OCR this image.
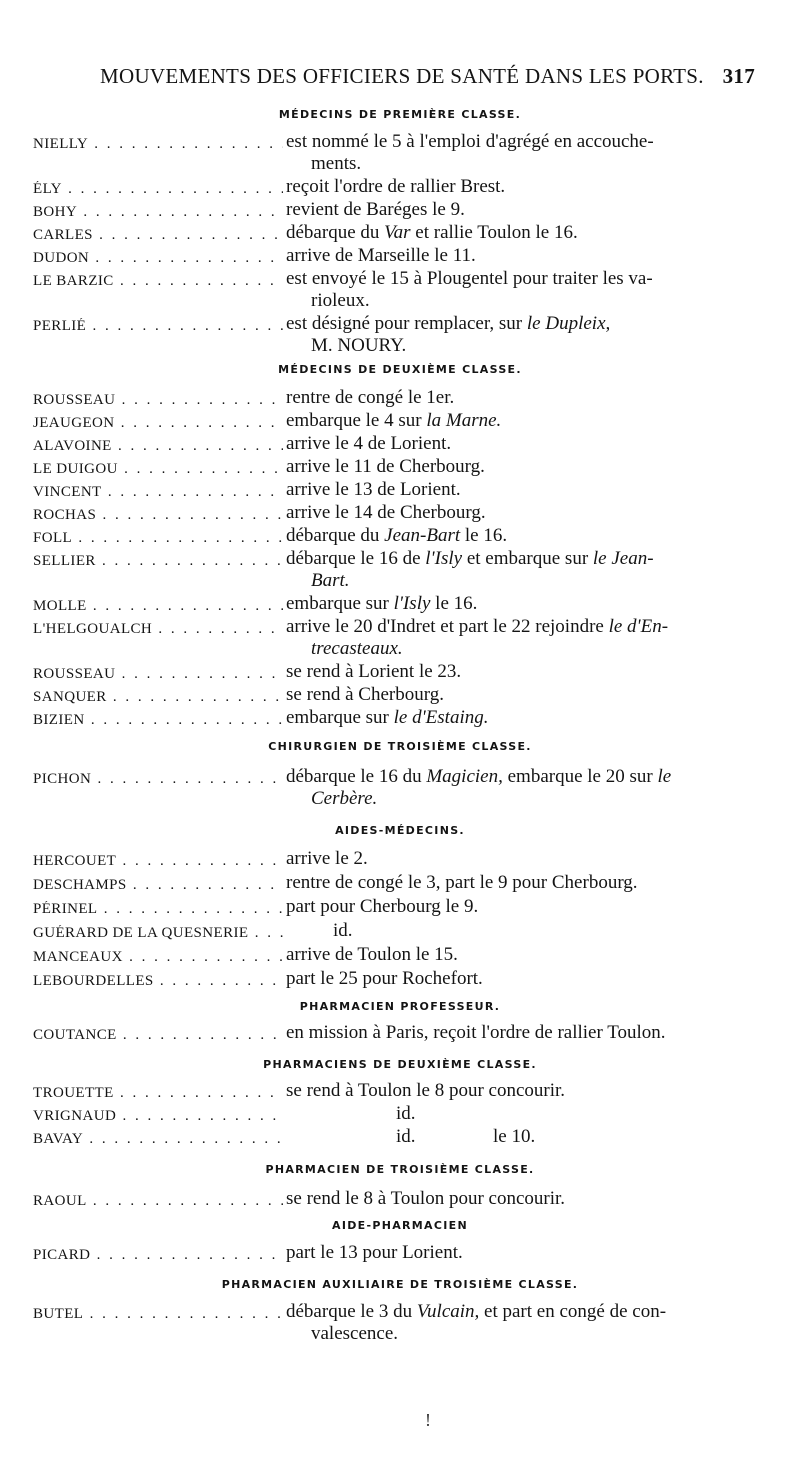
MOUVEMENTS DES OFFICIERS DE SANTÉ DANS LES PORTS. 317
MÉDECINS DE PREMIÈRE CLASSE.
NIELLY . . .	est nommé le 5 à l'emploi d'agrégé en accouche-
ments.
ÉLY . . .	reçoit l'ordre de rallier Brest.
BOHY . . .	revient de Baréges le 9.
CARLES . . .	débarque du Var et rallie Toulon le 16.
DUDON . . .	arrive de Marseille le 11.
LE BARZIC . . .	est envoyé le 15 à Plougentel pour traiter les va-
rioleux.
PERLIÉ . . .	est désigné pour remplacer, sur le Dupleix,
M. NOURY.
MÉDECINS DE DEUXIÈME CLASSE.
ROUSSEAU . . .	rentre de congé le 1er.
JEAUGEON . . .	embarque le 4 sur la Marne.
ALAVOINE . . .	arrive le 4 de Lorient.
LE DUIGOU . . .	arrive le 11 de Cherbourg.
VINCENT . . .	arrive le 13 de Lorient.
ROCHAS . . .	arrive le 14 de Cherbourg.
FOLL . . .	débarque du Jean-Bart le 16.
SELLIER . . .	débarque le 16 de l'Isly et embarque sur le Jean-
Bart.
MOLLE . . .	embarque sur l'Isly le 16.
L'HELGOUALCH . . .	arrive le 20 d'Indret et part le 22 rejoindre le d'En-
trecasteaux.
ROUSSEAU . . .	se rend à Lorient le 23.
SANQUER . . .	se rend à Cherbourg.
BIZIEN . . .	embarque sur le d'Estaing.
CHIRURGIEN DE TROISIÈME CLASSE.
PICHON . . .	débarque le 16 du Magicien, embarque le 20 sur le
Cerbère.
AIDES-MÉDECINS.
HERCOUET . . .	arrive le 2.
DESCHAMPS . . .	rentre de congé le 3, part le 9 pour Cherbourg.
PÉRINEL . . .	part pour Cherbourg le 9.
GUÉRARD DE LA QUESNERIE . . .	id.
MANCEAUX . . .	arrive de Toulon le 15.
LEBOURDELLES . . .	part le 25 pour Rochefort.
PHARMACIEN PROFESSEUR.
COUTANCE . . .	en mission à Paris, reçoit l'ordre de rallier Toulon.
PHARMACIENS DE DEUXIÈME CLASSE.
TROUETTE . . .	se rend à Toulon le 8 pour concourir.
VRIGNAUD . . .	id.
BAVAY . . .	id.	le 10.
PHARMACIEN DE TROISIÈME CLASSE.
RAOUL . . .	se rend le 8 à Toulon pour concourir.
AIDE-PHARMACIEN
PICARD . . .	part le 13 pour Lorient.
PHARMACIEN AUXILIAIRE DE TROISIÈME CLASSE.
BUTEL . . .	débarque le 3 du Vulcain, et part en congé de con-
valescence.
!
